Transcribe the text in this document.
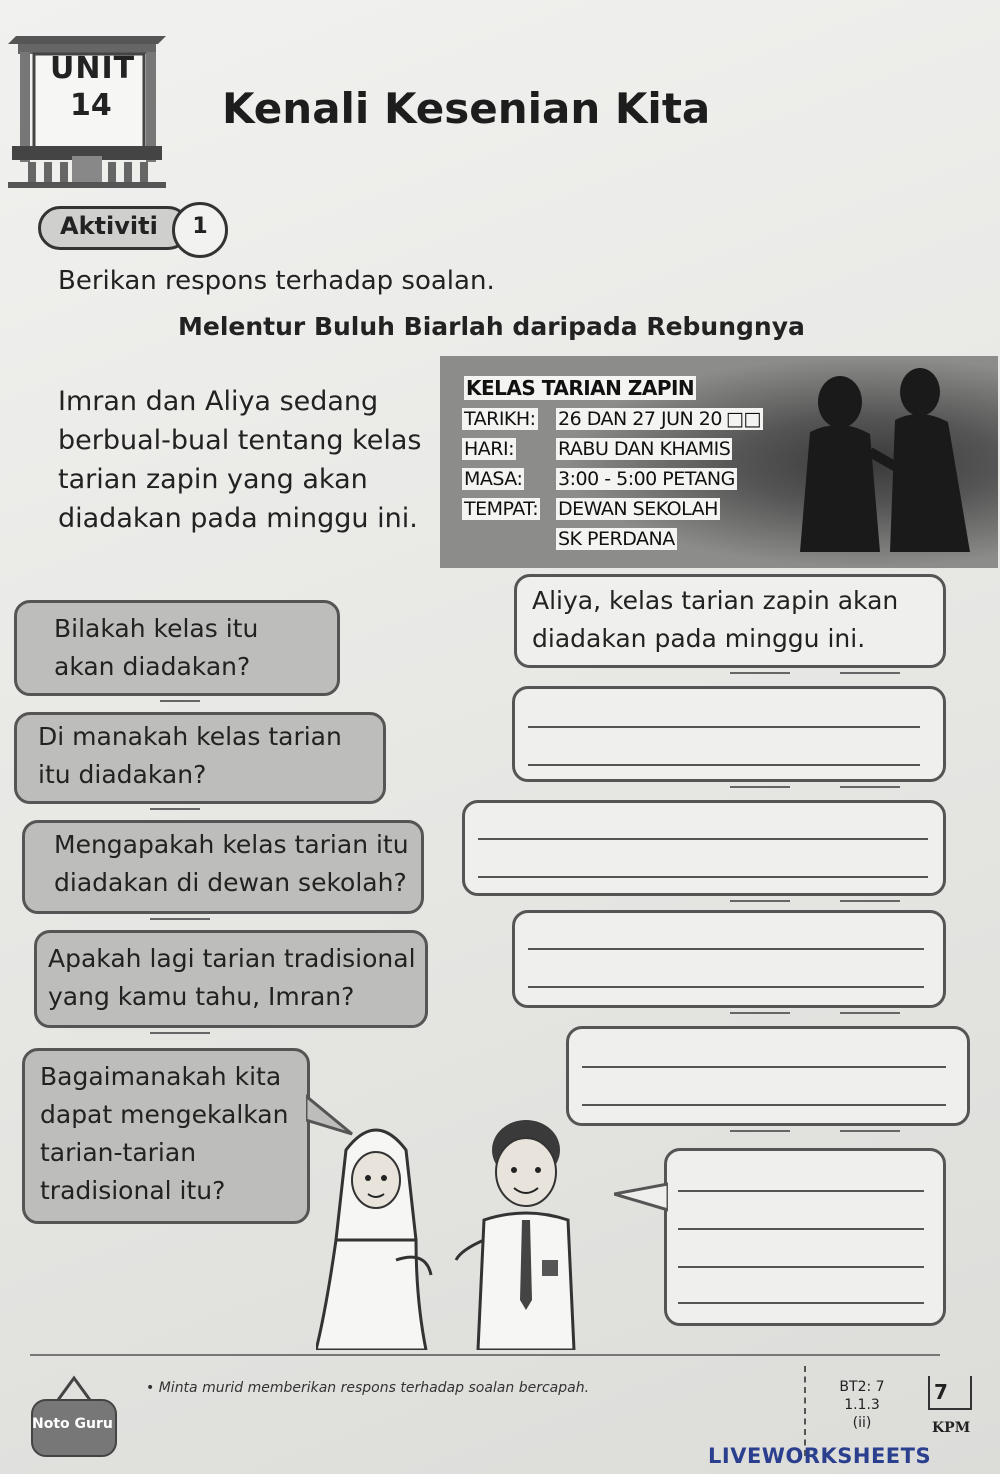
UNIT
14	Kenali Kesenian Kita
Aktiviti	1
Berikan respons terhadap soalan.
Melentur Buluh Biarlah daripada Rebungnya
Imran dan Aliya sedang berbual-bual tentang kelas tarian zapin yang akan diadakan pada minggu ini.
KELAS TARIAN ZAPIN
TARIKH: 26 DAN 27 JUN 20 □□
HARI: RABU DAN KHAMIS
MASA: 3:00 - 5:00 PETANG
TEMPAT: DEWAN SEKOLAH
SK PERDANA
Aliya, kelas tarian zapin akan diadakan pada minggu ini.
Bilakah kelas itu akan diadakan?
Di manakah kelas tarian itu diadakan?
Mengapakah kelas tarian itu diadakan di dewan sekolah?
Apakah lagi tarian tradisional yang kamu tahu, Imran?
Bagaimanakah kita dapat mengekalkan tarian-tarian tradisional itu?
Noto Guru
• Minta murid memberikan respons terhadap soalan bercapah.	BT2: 7
1.1.3
(ii)
7
KPM
LIVEWORKSHEETS
